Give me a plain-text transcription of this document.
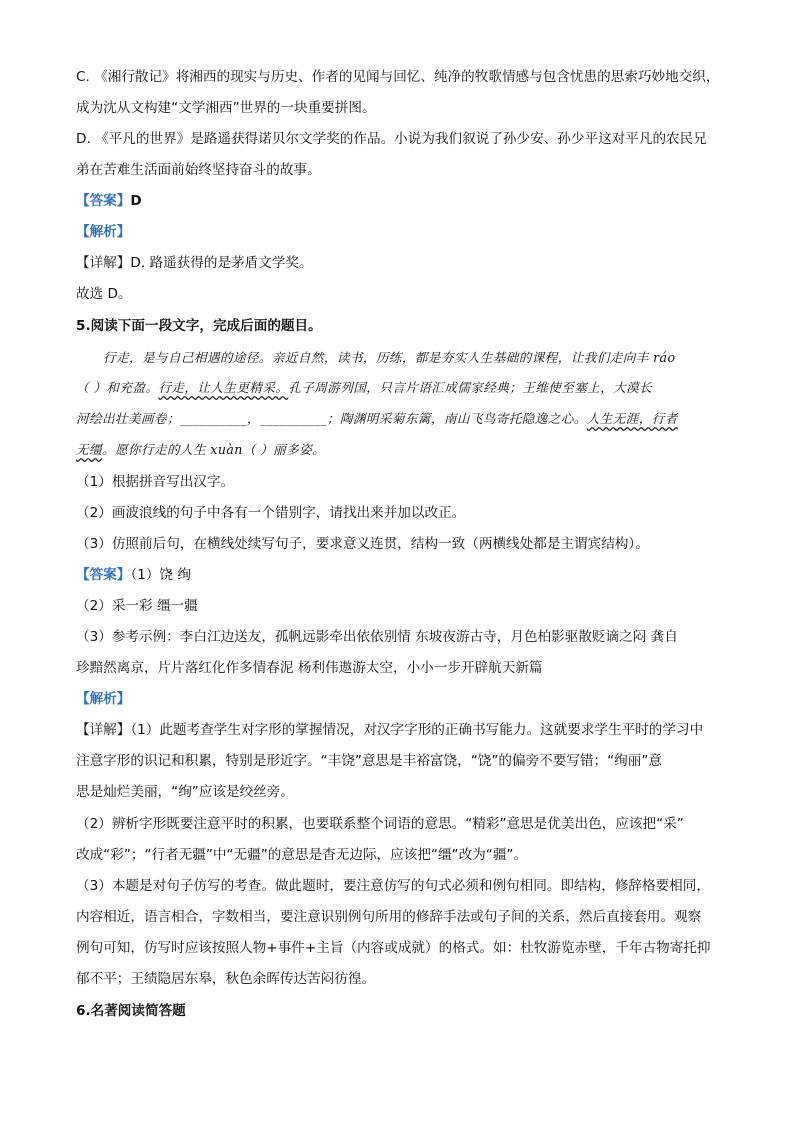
C. 《湘行散记》将湘西的现实与历史、作者的见闻与回忆、纯净的牧歌情感与包含忧患的思索巧妙地交织，
成为沈从文构建“文学湘西”世界的一块重要拼图。
D. 《平凡的世界》是路遥获得诺贝尔文学奖的作品。小说为我们叙说了孙少安、孙少平这对平凡的农民兄
弟在苦难生活面前始终坚持奋斗的故事。
【答案】D
【解析】
【详解】D. 路遥获得的是茅盾文学奖。
故选 D。
5.阅读下面一段文字，完成后面的题目。
行走，是与自己相遇的途径。亲近自然，读书，历练，都是夯实人生基础的课程，让我们走向丰 ráo
（ ）和充盈。行走，让人生更精采。孔子周游列国，只言片语汇成儒家经典；王维使至塞上，大漠长
河绘出壮美画卷；__________，__________；陶渊明采菊东篱，南山飞鸟寄托隐逸之心。人生无涯，行者
无缰。愿你行走的人生 xuàn（ ）丽多姿。
（1）根据拼音写出汉字。
（2）画波浪线的句子中各有一个错别字，请找出来并加以改正。
（3）仿照前后句，在横线处续写句子，要求意义连贯，结构一致（两横线处都是主谓宾结构）。
【答案】（1）饶 绚
（2）采一彩 缰一疆
（3）参考示例：李白江边送友，孤帆远影牵出依依别情 东坡夜游古寺，月色柏影驱散贬谪之闷 龚自
珍黯然离京，片片落红化作多情春泥 杨利伟遨游太空，小小一步开辟航天新篇
【解析】
【详解】（1）此题考查学生对字形的掌握情况，对汉字字形的正确书写能力。这就要求学生平时的学习中
注意字形的识记和积累，特别是形近字。“丰饶”意思是丰裕富饶，“饶”的偏旁不要写错；“绚丽”意
思是灿烂美丽，“绚”应该是绞丝旁。
（2）辨析字形既要注意平时的积累，也要联系整个词语的意思。“精彩”意思是优美出色，应该把“采”
改成“彩”；“行者无疆”中“无疆”的意思是杳无边际，应该把“缰”改为“疆”。
（3）本题是对句子仿写的考查。做此题时，要注意仿写的句式必须和例句相同。即结构，修辞格要相同，
内容相近，语言相合，字数相当，要注意识别例句所用的修辞手法或句子间的关系，然后直接套用。观察
例句可知，仿写时应该按照人物+事件+主旨（内容或成就）的格式。如：杜牧游览赤壁，千年古物寄托抑
郁不平；王绩隐居东皋，秋色余晖传达苦闷彷徨。
6.名著阅读简答题
